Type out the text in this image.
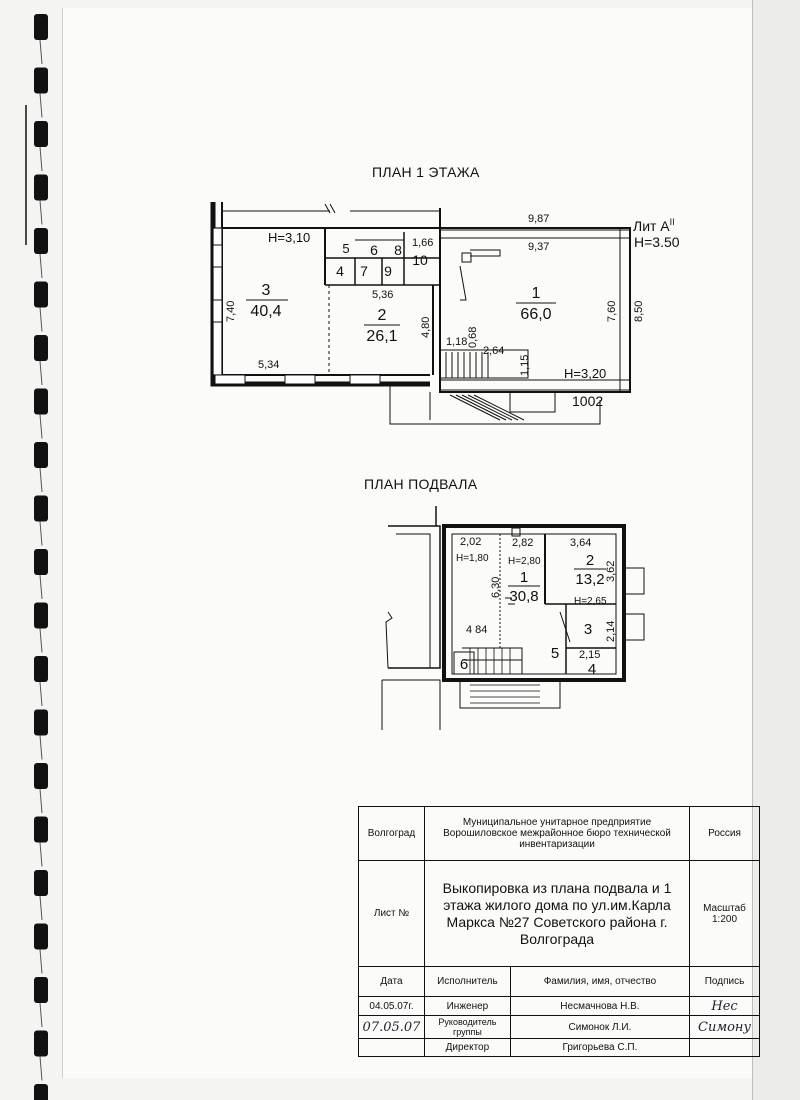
ПЛАН 1 ЭТАЖА
ПЛАН ПОДВАЛА
H=3,10
H=3,20
H=3.50
Лит $А^{II}$
9,87
9,37
1,66
5,36
5,34
1002
1,18
2,64
7,40
4,80
7,60 8,50
0,68
1,15
3
40,4	2
26,1
1
66,0
4
5 6
7
8
9
10
2,02	2,82	3,64
H=1,80 H=2,80
H=2,65
4 84
2,15
6,30
3,62
2,14
1
30,8
2
13,2
3
4
5
6
Волгоград	Муниципальное унитарное предприятие Ворошиловское межрайонное бюро технической инвентаризации		Россия
Лист №	Выкопировка из плана подвала и 1 этажа жилого дома по ул.им.Карла Маркса №27 Советского района г. Волгограда		Масштаб
1:200
Дата	Исполнитель	Фамилия, имя, отчество	Подпись
04.05.07г.	Инженер	Несмачнова Н.В.	Нес
07.05.07	Руководитель группы	Симонок Л.И.	Симону
	Директор	Григорьева С.П.	
